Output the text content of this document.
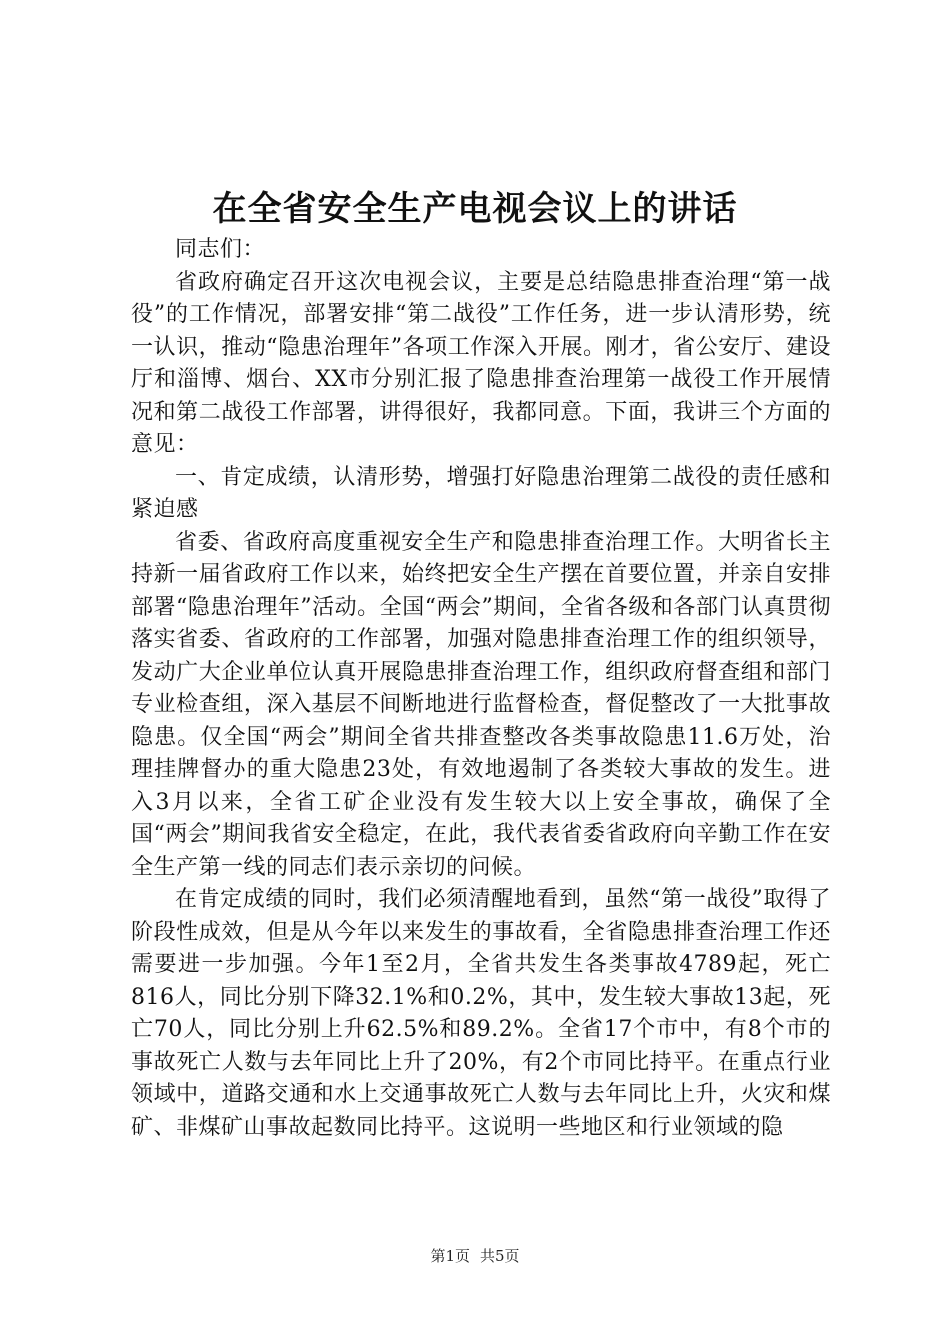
在全省安全生产电视会议上的讲话

同志们：

省政府确定召开这次电视会议，主要是总结隐患排查治理“第一战役”的工作情况，部署安排“第二战役”工作任务，进一步认清形势，统一认识，推动“隐患治理年”各项工作深入开展。刚才，省公安厅、建设厅和淄博、烟台、XX市分别汇报了隐患排查治理第一战役工作开展情况和第二战役工作部署，讲得很好，我都同意。下面，我讲三个方面的意见：

一、肯定成绩，认清形势，增强打好隐患治理第二战役的责任感和紧迫感

省委、省政府高度重视安全生产和隐患排查治理工作。大明省长主持新一届省政府工作以来，始终把安全生产摆在首要位置，并亲自安排部署“隐患治理年”活动。全国“两会”期间，全省各级和各部门认真贯彻落实省委、省政府的工作部署，加强对隐患排查治理工作的组织领导，发动广大企业单位认真开展隐患排查治理工作，组织政府督查组和部门专业检查组，深入基层不间断地进行监督检查，督促整改了一大批事故隐患。仅全国“两会”期间全省共排查整改各类事故隐患11.6万处，治理挂牌督办的重大隐患23处，有效地遏制了各类较大事故的发生。进入3月以来，全省工矿企业没有发生较大以上安全事故，确保了全国“两会”期间我省安全稳定，在此，我代表省委省政府向辛勤工作在安全生产第一线的同志们表示亲切的问候。

在肯定成绩的同时，我们必须清醒地看到，虽然“第一战役”取得了阶段性成效，但是从今年以来发生的事故看，全省隐患排查治理工作还需要进一步加强。今年1至2月，全省共发生各类事故4789起，死亡816人，同比分别下降32.1%和0.2%，其中，发生较大事故13起，死亡70人，同比分别上升62.5%和89.2%。全省17个市中，有8个市的事故死亡人数与去年同比上升了20%，有2个市同比持平。在重点行业领域中，道路交通和水上交通事故死亡人数与去年同比上升，火灾和煤矿、非煤矿山事故起数同比持平。这说明一些地区和行业领域的隐

第1页 共5页
